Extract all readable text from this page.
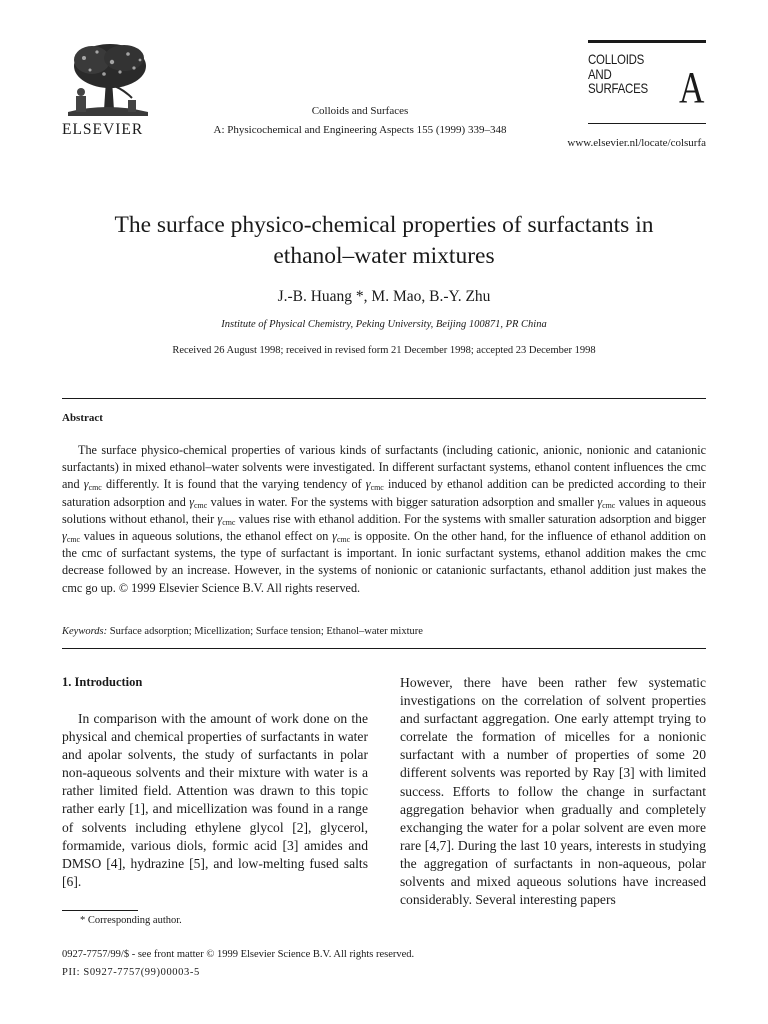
ELSEVIER
Colloids and Surfaces
A: Physicochemical and Engineering Aspects 155 (1999) 339–348
COLLOIDS
AND
SURFACES A
www.elsevier.nl/locate/colsurfa
The surface physico-chemical properties of surfactants in
ethanol–water mixtures
J.-B. Huang *, M. Mao, B.-Y. Zhu
Institute of Physical Chemistry, Peking University, Beijing 100871, PR China
Received 26 August 1998; received in revised form 21 December 1998; accepted 23 December 1998
Abstract
The surface physico-chemical properties of various kinds of surfactants (including cationic, anionic, nonionic and catanionic surfactants) in mixed ethanol–water solvents were investigated. In different surfactant systems, ethanol content influences the cmc and $\gamma_{cmc}$ differently. It is found that the varying tendency of $\gamma_{cmc}$ induced by ethanol addition can be predicted according to their saturation adsorption and $\gamma_{cmc}$ values in water. For the systems with bigger saturation adsorption and smaller $\gamma_{cmc}$ values in aqueous solutions without ethanol, their $\gamma_{cmc}$ values rise with ethanol addition. For the systems with smaller saturation adsorption and bigger $\gamma_{cmc}$ values in aqueous solutions, the ethanol effect on $\gamma_{cmc}$ is opposite. On the other hand, for the influence of ethanol addition on the cmc of surfactant systems, the type of surfactant is important. In ionic surfactant systems, ethanol addition makes the cmc decrease followed by an increase. However, in the systems of nonionic or catanionic surfactants, ethanol addition just makes the cmc go up. © 1999 Elsevier Science B.V. All rights reserved.
Keywords: Surface adsorption; Micellization; Surface tension; Ethanol–water mixture
1. Introduction
In comparison with the amount of work done on the physical and chemical properties of surfactants in water and apolar solvents, the study of surfactants in polar non-aqueous solvents and their mixture with water is a rather limited field. Attention was drawn to this topic rather early [1], and micellization was found in a range of solvents including ethylene glycol [2], glycerol, formamide, various diols, formic acid [3] amides and DMSO [4], hydrazine [5], and low-melting fused salts [6].
However, there have been rather few systematic investigations on the correlation of solvent properties and surfactant aggregation. One early attempt trying to correlate the formation of micelles for a nonionic surfactant with a number of properties of some 20 different solvents was reported by Ray [3] with limited success. Efforts to follow the change in surfactant aggregation behavior when gradually and completely exchanging the water for a polar solvent are even more rare [4,7]. During the last 10 years, interests in studying the aggregation of surfactants in non-aqueous, polar solvents and mixed aqueous solutions have increased considerably. Several interesting papers
* Corresponding author.
0927-7757/99/$ - see front matter © 1999 Elsevier Science B.V. All rights reserved.
PII: S0927-7757(99)00003-5
